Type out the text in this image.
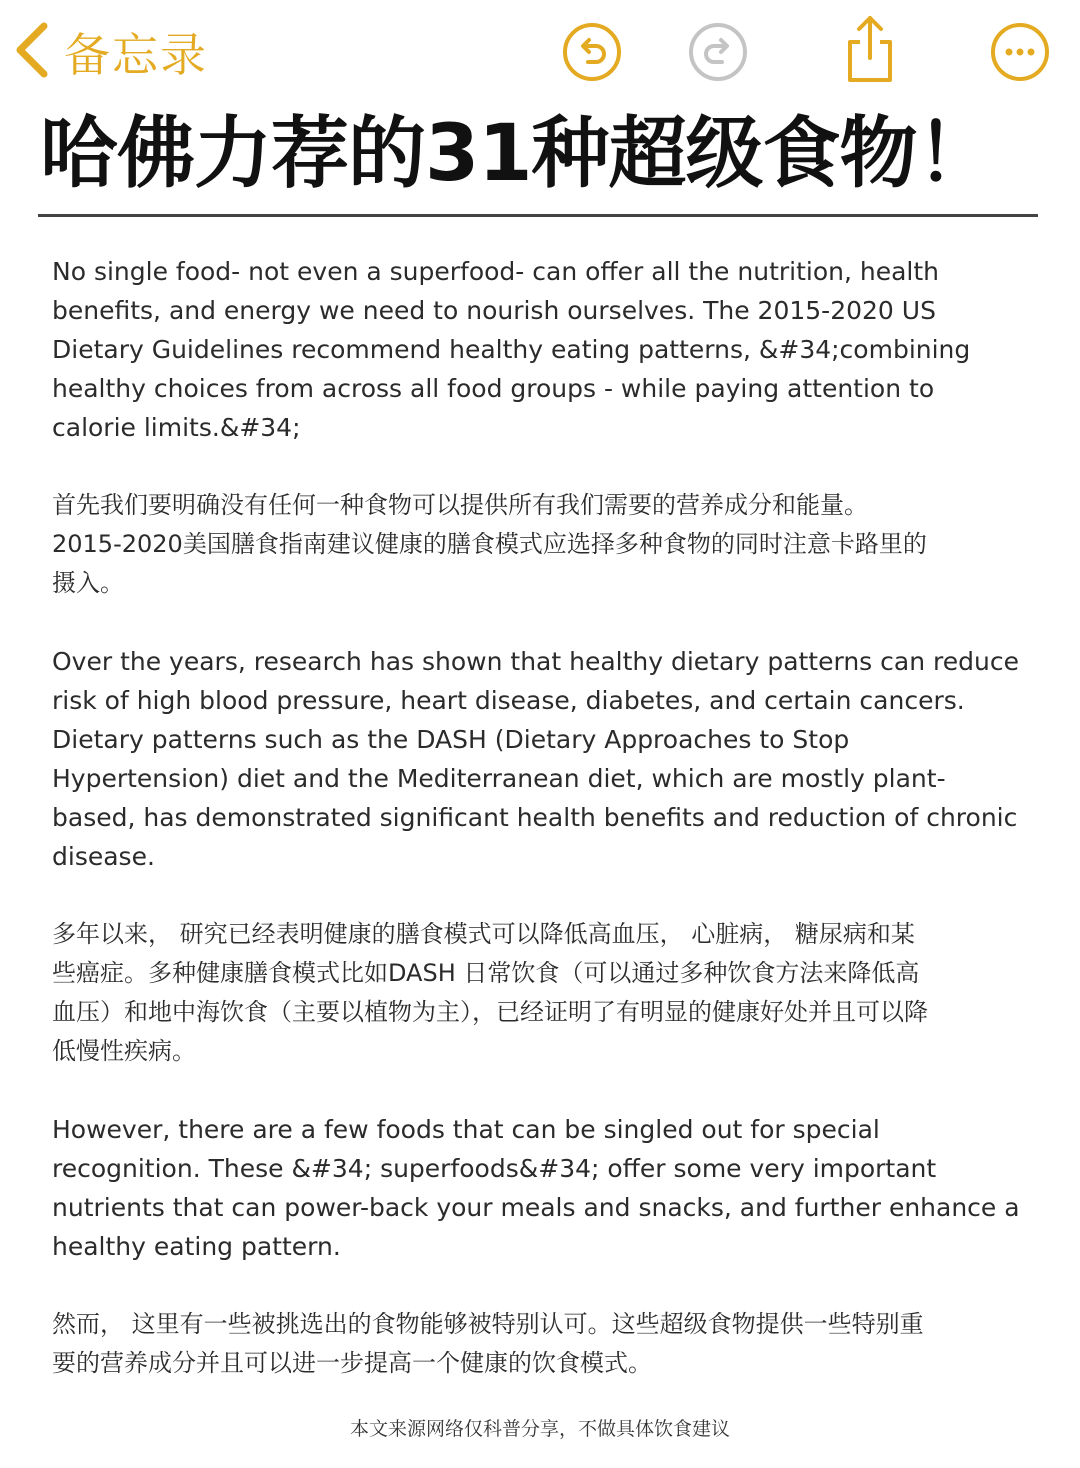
备忘录
哈佛力荐的31种超级食物！

No single food- not even a superfood- can offer all the nutrition, health
benefits, and energy we need to nourish ourselves. The 2015-2020 US
Dietary Guidelines recommend healthy eating patterns, &#34;combining
healthy choices from across all food groups - while paying attention to
calorie limits.&#34;

首先我们要明确没有任何一种食物可以提供所有我们需要的营养成分和能量。
2015-2020美国膳食指南建议健康的膳食模式应选择多种食物的同时注意卡路里的
摄入。

Over the years, research has shown that healthy dietary patterns can reduce
risk of high blood pressure, heart disease, diabetes, and certain cancers.
Dietary patterns such as the DASH (Dietary Approaches to Stop
Hypertension) diet and the Mediterranean diet, which are mostly plant-
based, has demonstrated significant health benefits and reduction of chronic
disease.

多年以来， 研究已经表明健康的膳食模式可以降低高血压， 心脏病， 糖尿病和某
些癌症。多种健康膳食模式比如DASH 日常饮食（可以通过多种饮食方法来降低高
血压）和地中海饮食（主要以植物为主），已经证明了有明显的健康好处并且可以降
低慢性疾病。

However, there are a few foods that can be singled out for special
recognition. These &#34; superfoods&#34; offer some very important
nutrients that can power-back your meals and snacks, and further enhance a
healthy eating pattern.

然而， 这里有一些被挑选出的食物能够被特别认可。这些超级食物提供一些特别重
要的营养成分并且可以进一步提高一个健康的饮食模式。

本文来源网络仅科普分享，不做具体饮食建议
